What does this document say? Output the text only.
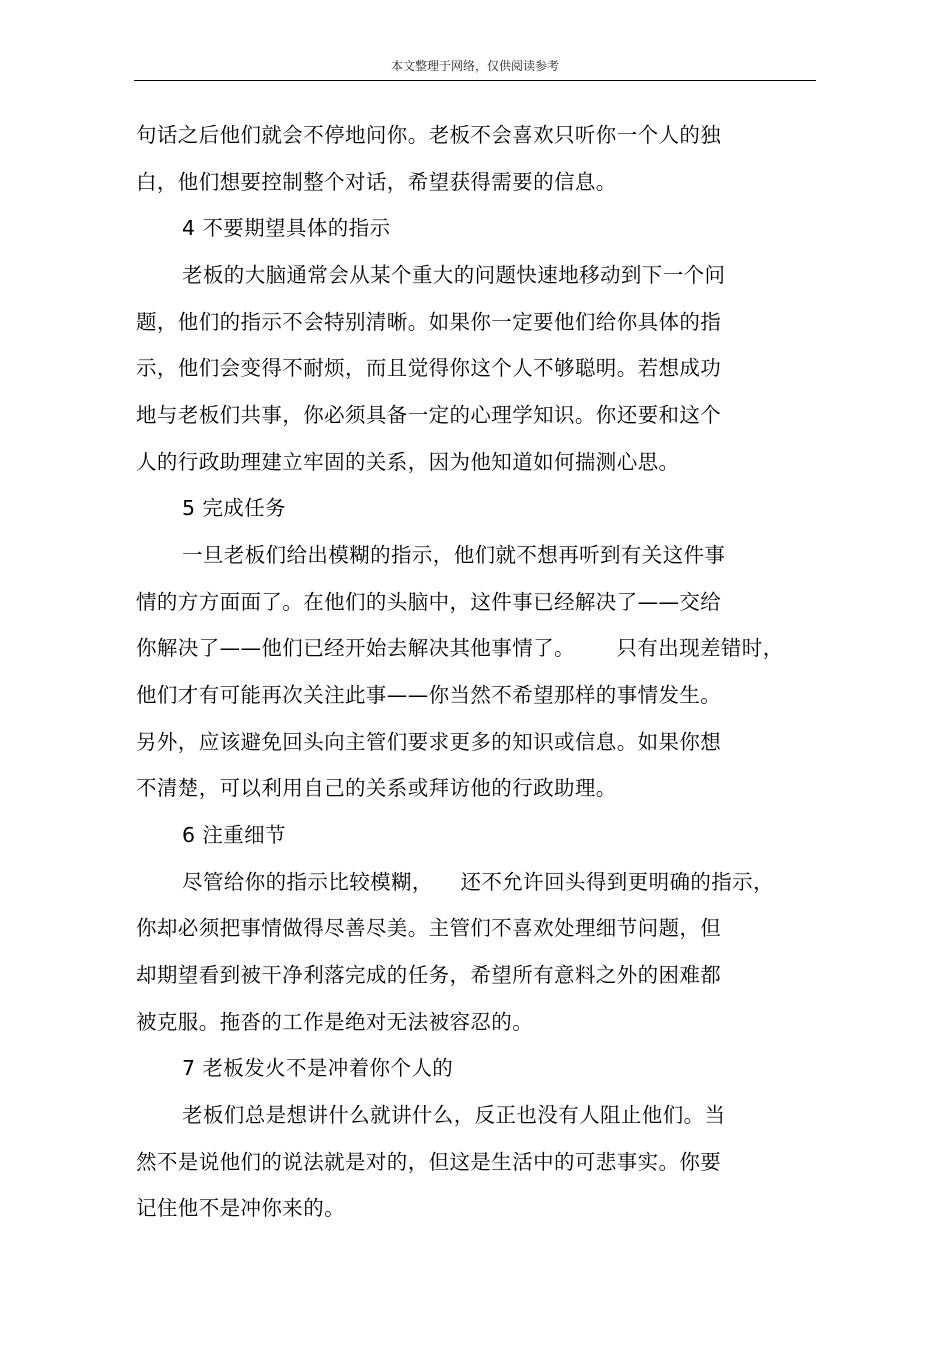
本文整理于网络，仅供阅读参考
句话之后他们就会不停地问你。老板不会喜欢只听你一个人的独
白，他们想要控制整个对话，希望获得需要的信息。
4 不要期望具体的指示
老板的大脑通常会从某个重大的问题快速地移动到下一个问
题，他们的指示不会特别清晰。如果你一定要他们给你具体的指
示，他们会变得不耐烦，而且觉得你这个人不够聪明。若想成功
地与老板们共事，你必须具备一定的心理学知识。你还要和这个
人的行政助理建立牢固的关系，因为他知道如何揣测心思。
5 完成任务
一旦老板们给出模糊的指示，他们就不想再听到有关这件事
情的方方面面了。在他们的头脑中，这件事已经解决了——交给
你解决了——他们已经开始去解决其他事情了。      只有出现差错时，
他们才有可能再次关注此事——你当然不希望那样的事情发生。
另外，应该避免回头向主管们要求更多的知识或信息。如果你想
不清楚，可以利用自己的关系或拜访他的行政助理。
6 注重细节
尽管给你的指示比较模糊，    还不允许回头得到更明确的指示，
你却必须把事情做得尽善尽美。主管们不喜欢处理细节问题，但
却期望看到被干净利落完成的任务，希望所有意料之外的困难都
被克服。拖沓的工作是绝对无法被容忍的。
7 老板发火不是冲着你个人的
老板们总是想讲什么就讲什么，反正也没有人阻止他们。当
然不是说他们的说法就是对的，但这是生活中的可悲事实。你要
记住他不是冲你来的。
